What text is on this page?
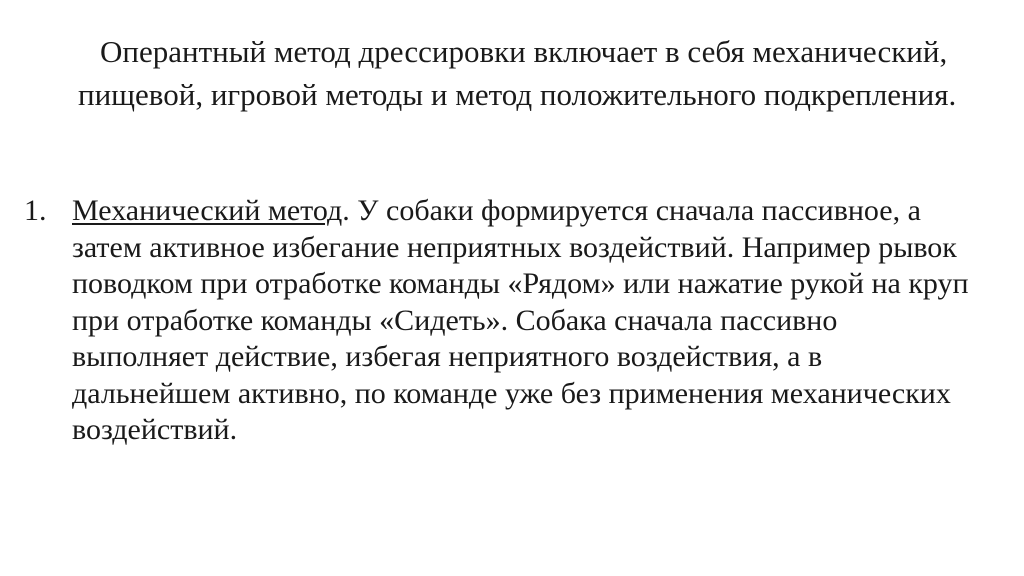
Оперантный метод дрессировки включает в себя механический, пищевой, игровой методы и метод положительного подкрепления.

1. Механический метод. У собаки формируется сначала пассивное, а затем активное избегание неприятных воздействий. Например рывок поводком при отработке команды «Рядом» или нажатие рукой на круп при отработке команды «Сидеть». Собака сначала пассивно выполняет действие, избегая неприятного воздействия, а в дальнейшем активно, по команде уже без применения механических воздействий.
